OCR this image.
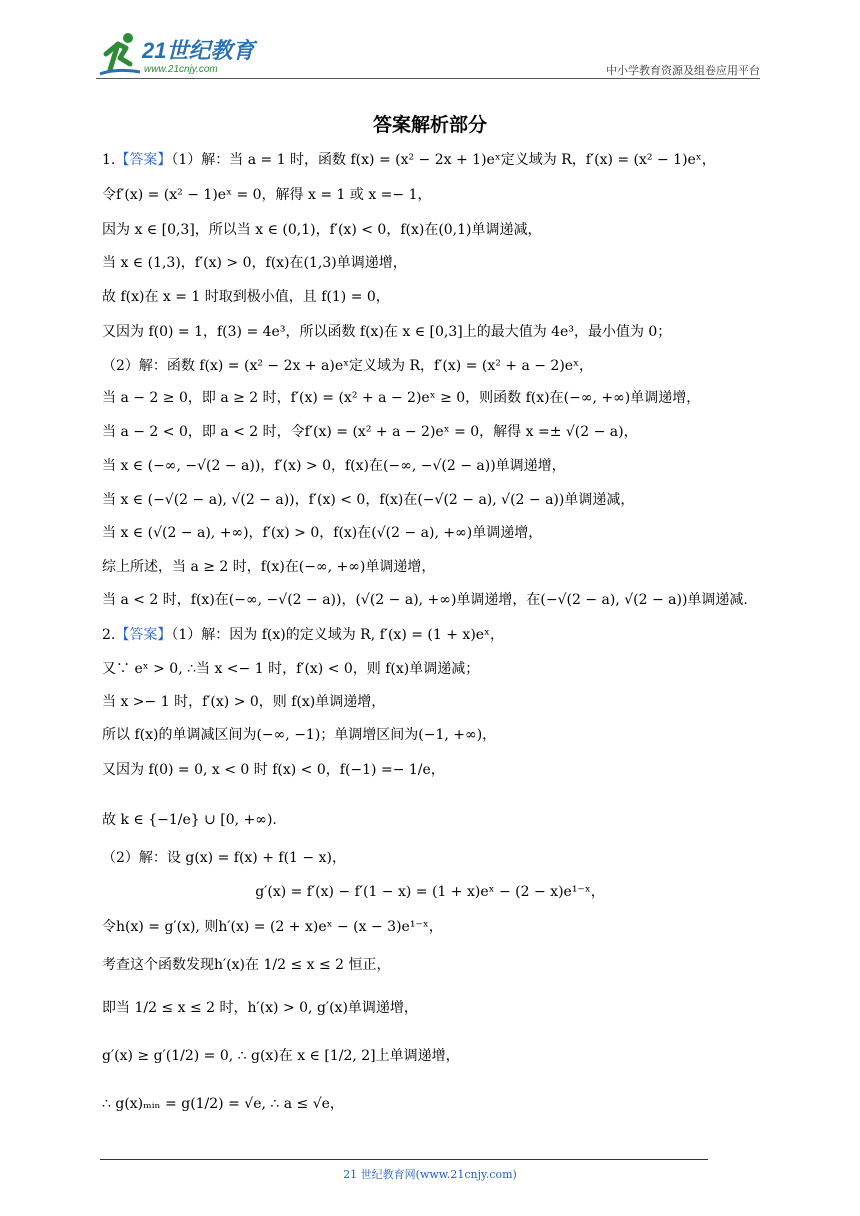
21世纪教育
www.21cnjy.com	中小学教育资源及组卷应用平台
答案解析部分
1.【答案】（1）解：当 a = 1 时，函数 f(x) = (x² − 2x + 1)eˣ定义域为 R，f′(x) = (x² − 1)eˣ，
令f′(x) = (x² − 1)eˣ = 0，解得 x = 1 或 x =− 1，
因为 x ∈ [0,3]，所以当 x ∈ (0,1)，f′(x) < 0，f(x)在(0,1)单调递减，
当 x ∈ (1,3)，f′(x) > 0，f(x)在(1,3)单调递增，
故 f(x)在 x = 1 时取到极小值，且 f(1) = 0，
又因为 f(0) = 1，f(3) = 4e³，所以函数 f(x)在 x ∈ [0,3]上的最大值为 4e³，最小值为 0；
（2）解：函数 f(x) = (x² − 2x + a)eˣ定义域为 R，f′(x) = (x² + a − 2)eˣ，
当 a − 2 ≥ 0，即 a ≥ 2 时，f′(x) = (x² + a − 2)eˣ ≥ 0，则函数 f(x)在(−∞, +∞)单调递增，
当 a − 2 < 0，即 a < 2 时，令f′(x) = (x² + a − 2)eˣ = 0，解得 x =± √(2 − a)，
当 x ∈ (−∞, −√(2 − a))，f′(x) > 0，f(x)在(−∞, −√(2 − a))单调递增，
当 x ∈ (−√(2 − a), √(2 − a))，f′(x) < 0，f(x)在(−√(2 − a), √(2 − a))单调递减，
当 x ∈ (√(2 − a), +∞)，f′(x) > 0，f(x)在(√(2 − a), +∞)单调递增，
综上所述，当 a ≥ 2 时，f(x)在(−∞, +∞)单调递增，
当 a < 2 时，f(x)在(−∞, −√(2 − a))，(√(2 − a), +∞)单调递增，在(−√(2 − a), √(2 − a))单调递减.
2.【答案】（1）解：因为 f(x)的定义域为 R, f′(x) = (1 + x)eˣ，
又∵ eˣ > 0, ∴当 x <− 1 时，f′(x) < 0，则 f(x)单调递减；
当 x >− 1 时，f′(x) > 0，则 f(x)单调递增，
所以 f(x)的单调减区间为(−∞, −1)；单调增区间为(−1, +∞)，
又因为 f(0) = 0, x < 0 时 f(x) < 0，f(−1) =− 1/e，
故 k ∈ {−1/e} ∪ [0, +∞).
（2）解：设 g(x) = f(x) + f(1 − x)，
g′(x) = f′(x) − f′(1 − x) = (1 + x)eˣ − (2 − x)e¹⁻ˣ，
令h(x) = g′(x), 则h′(x) = (2 + x)eˣ − (x − 3)e¹⁻ˣ，
考查这个函数发现h′(x)在 1/2 ≤ x ≤ 2 恒正，
即当 1/2 ≤ x ≤ 2 时，h′(x) > 0, g′(x)单调递增，
g′(x) ≥ g′(1/2) = 0, ∴ g(x)在 x ∈ [1/2, 2]上单调递增，
∴ g(x)ₘᵢₙ = g(1/2) = √e, ∴ a ≤ √e，
21 世纪教育网(www.21cnjy.com)
